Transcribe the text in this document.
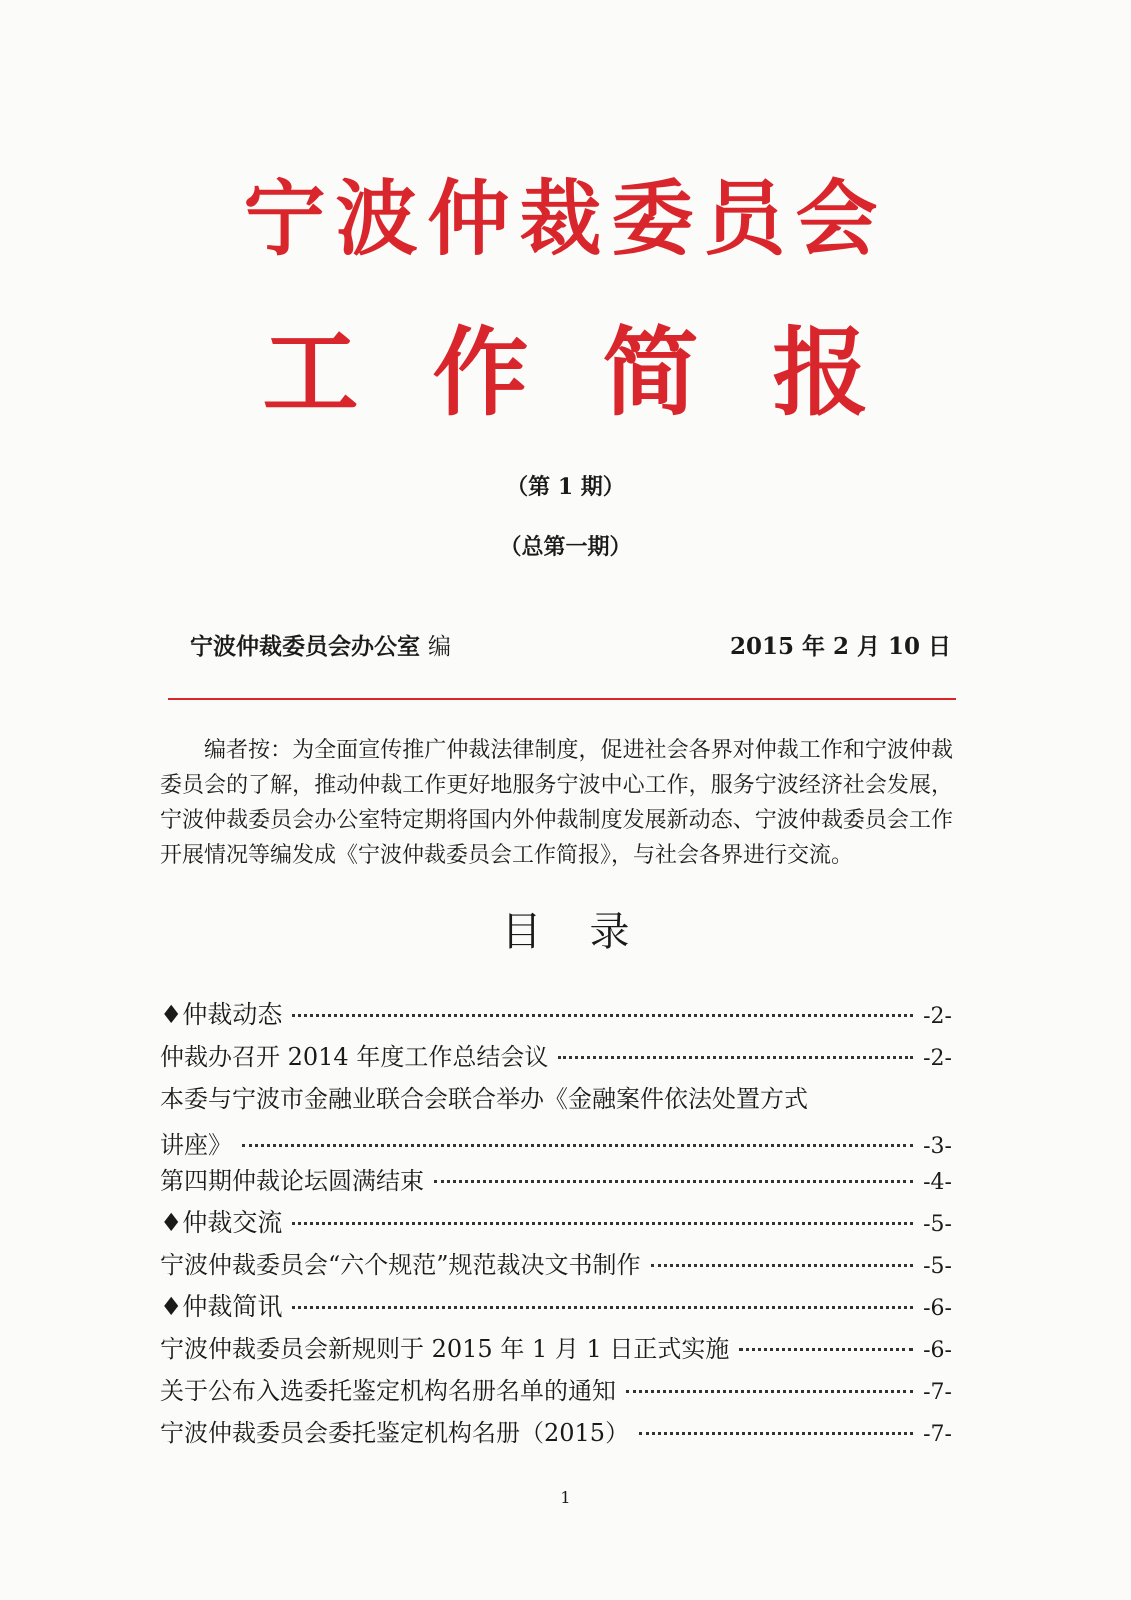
宁波仲裁委员会
工作简报
（第 1 期）
（总第一期）
宁波仲裁委员会办公室 编	2015 年 2 月 10 日

编者按：为全面宣传推广仲裁法律制度，促进社会各界对仲裁工作和宁波仲裁委员会的了解，推动仲裁工作更好地服务宁波中心工作，服务宁波经济社会发展，宁波仲裁委员会办公室特定期将国内外仲裁制度发展新动态、宁波仲裁委员会工作开展情况等编发成《宁波仲裁委员会工作简报》，与社会各界进行交流。

目录
♦仲裁动态	-2-
仲裁办召开 2014 年度工作总结会议	-2-
本委与宁波市金融业联合会联合举办《金融案件依法处置方式
讲座》	-3-
第四期仲裁论坛圆满结束	-4-
♦仲裁交流	-5-
宁波仲裁委员会“六个规范”规范裁决文书制作	-5-
♦仲裁简讯	-6-
宁波仲裁委员会新规则于 2015 年 1 月 1 日正式实施	-6-
关于公布入选委托鉴定机构名册名单的通知	-7-
宁波仲裁委员会委托鉴定机构名册（2015）	-7-
1
